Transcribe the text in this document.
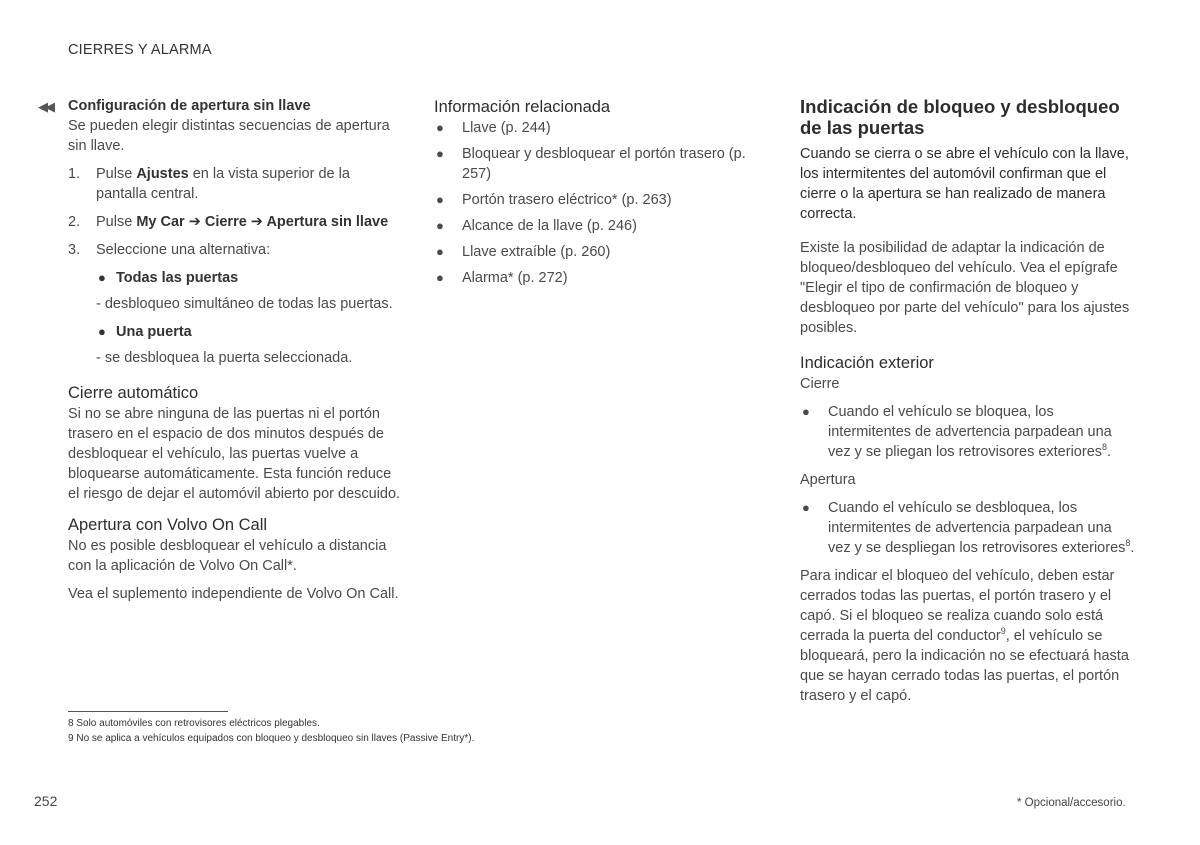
CIERRES Y ALARMA
◀◀ Configuración de apertura sin llave

Se pueden elegir distintas secuencias de apertura sin llave.

1. Pulse Ajustes en la vista superior de la pantalla central.
2. Pulse My Car ➔ Cierre ➔ Apertura sin llave
3. Seleccione una alternativa:
● Todas las puertas

- desbloqueo simultáneo de todas las puertas.

● Una puerta

- se desbloquea la puerta seleccionada.

Cierre automático

Si no se abre ninguna de las puertas ni el portón trasero en el espacio de dos minutos después de desbloquear el vehículo, las puertas vuelve a bloquearse automáticamente. Esta función reduce el riesgo de dejar el automóvil abierto por descuido.

Apertura con Volvo On Call

No es posible desbloquear el vehículo a distancia con la aplicación de Volvo On Call*.

Vea el suplemento independiente de Volvo On Call.

Información relacionada
● Llave (p. 244)
● Bloquear y desbloquear el portón trasero (p. 257)
● Portón trasero eléctrico* (p. 263)
● Alcance de la llave (p. 246)
● Llave extraíble (p. 260)
● Alarma* (p. 272)
Indicación de bloqueo y desbloqueo de las puertas

Cuando se cierra o se abre el vehículo con la llave, los intermitentes del automóvil confirman que el cierre o la apertura se han realizado de manera correcta.

Existe la posibilidad de adaptar la indicación de bloqueo/desbloqueo del vehículo. Vea el epígrafe "Elegir el tipo de confirmación de bloqueo y desbloqueo por parte del vehículo" para los ajustes posibles.

Indicación exterior

Cierre

● Cuando el vehículo se bloquea, los intermitentes de advertencia parpadean una vez y se pliegan los retrovisores exteriores$^8$.

Apertura

● Cuando el vehículo se desbloquea, los intermitentes de advertencia parpadean una vez y se despliegan los retrovisores exteriores$^8$.

Para indicar el bloqueo del vehículo, deben estar cerrados todas las puertas, el portón trasero y el capó. Si el bloqueo se realiza cuando solo está cerrada la puerta del conductor$^9$, el vehículo se bloqueará, pero la indicación no se efectuará hasta que se hayan cerrado todas las puertas, el portón trasero y el capó.

8 Solo automóviles con retrovisores eléctricos plegables.
9 No se aplica a vehículos equipados con bloqueo y desbloqueo sin llaves (Passive Entry*).
252	* Opcional/accesorio.
